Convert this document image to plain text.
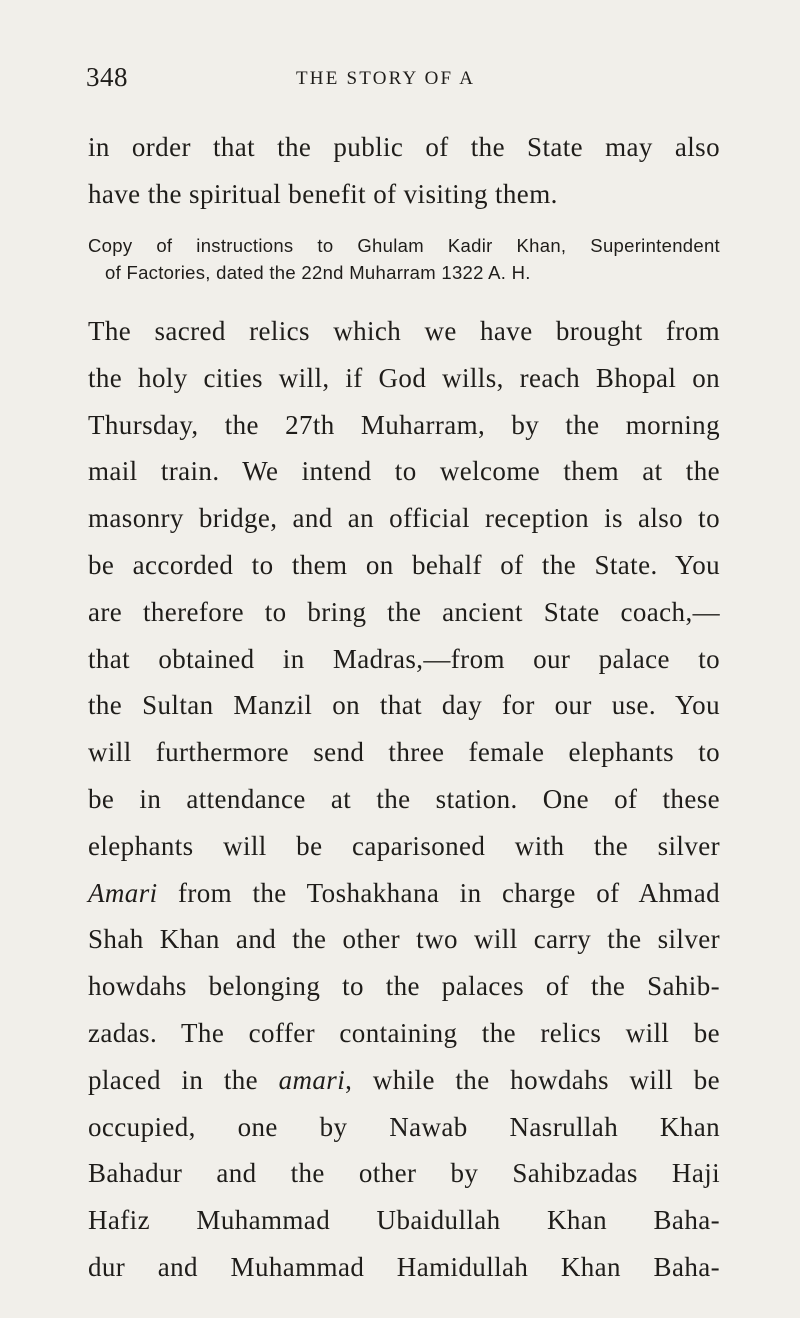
348	THE STORY OF A
in order that the public of the State may also
have the spiritual benefit of visiting them.
Copy of instructions to Ghulam Kadir Khan, Superintendent
of Factories, dated the 22nd Muharram 1322 A. H.
The sacred relics which we have brought from
the holy cities will, if God wills, reach Bhopal on
Thursday, the 27th Muharram, by the morning
mail train. We intend to welcome them at the
masonry bridge, and an official reception is also to
be accorded to them on behalf of the State. You
are therefore to bring the ancient State coach,—
that obtained in Madras,—from our palace to
the Sultan Manzil on that day for our use. You
will furthermore send three female elephants to
be in attendance at the station. One of these
elephants will be caparisoned with the silver
Amari from the Toshakhana in charge of Ahmad
Shah Khan and the other two will carry the silver
howdahs belonging to the palaces of the Sahib-
zadas. The coffer containing the relics will be
placed in the amari, while the howdahs will be
occupied, one by Nawab Nasrullah Khan
Bahadur and the other by Sahibzadas Haji
Hafiz Muhammad Ubaidullah Khan Baha-
dur and Muhammad Hamidullah Khan Baha-
